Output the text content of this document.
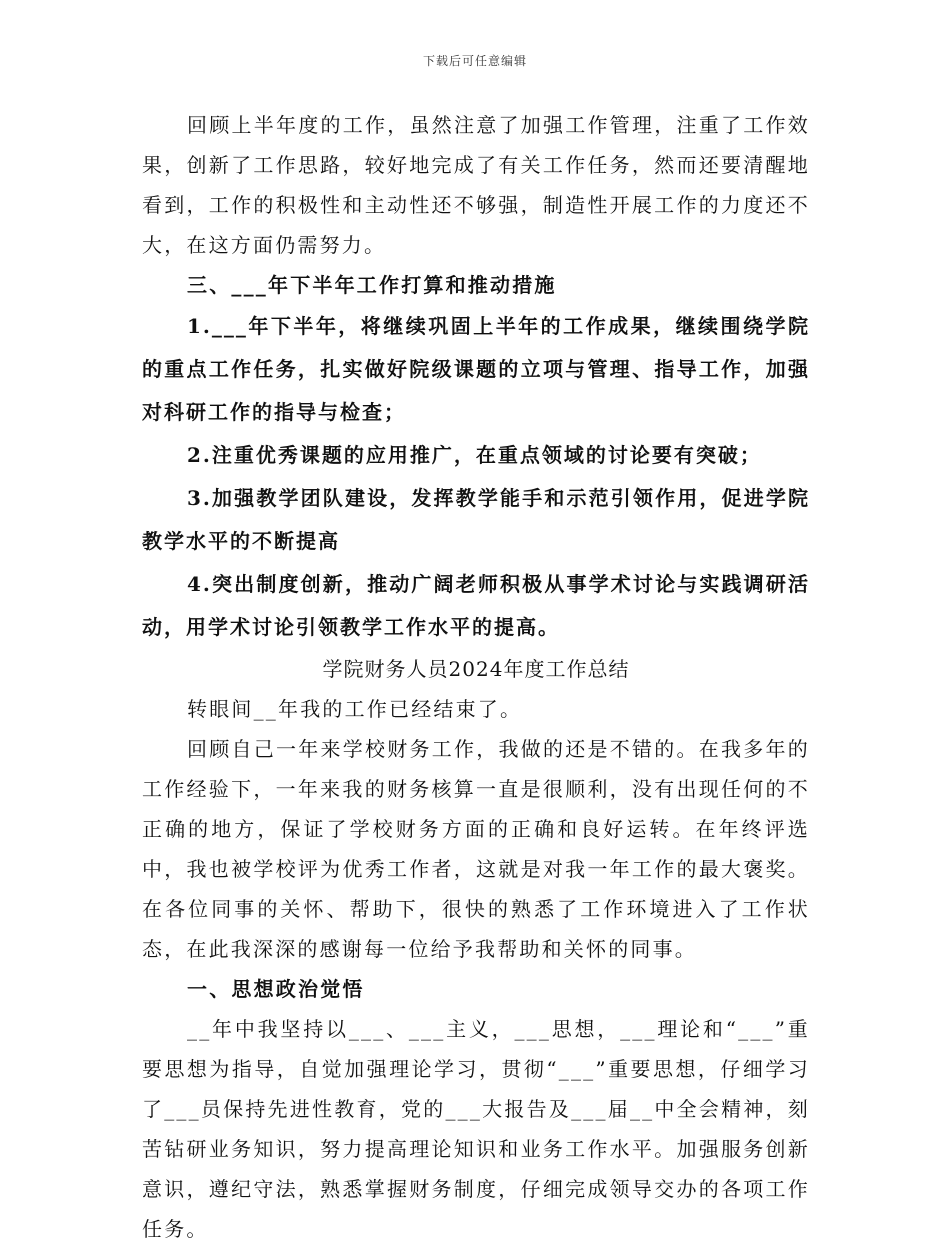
下载后可任意编辑

回顾上半年度的工作，虽然注意了加强工作管理，注重了工作效果，创新了工作思路，较好地完成了有关工作任务，然而还要清醒地看到，工作的积极性和主动性还不够强，制造性开展工作的力度还不大，在这方面仍需努力。

三、___年下半年工作打算和推动措施

1.___年下半年，将继续巩固上半年的工作成果，继续围绕学院的重点工作任务，扎实做好院级课题的立项与管理、指导工作，加强对科研工作的指导与检查；

2.注重优秀课题的应用推广，在重点领域的讨论要有突破；

3.加强教学团队建设，发挥教学能手和示范引领作用，促进学院教学水平的不断提高

4.突出制度创新，推动广阔老师积极从事学术讨论与实践调研活动，用学术讨论引领教学工作水平的提高。

学院财务人员2024年度工作总结

转眼间__年我的工作已经结束了。

回顾自己一年来学校财务工作，我做的还是不错的。在我多年的工作经验下，一年来我的财务核算一直是很顺利，没有出现任何的不正确的地方，保证了学校财务方面的正确和良好运转。在年终评选中，我也被学校评为优秀工作者，这就是对我一年工作的最大褒奖。在各位同事的关怀、帮助下，很快的熟悉了工作环境进入了工作状态，在此我深深的感谢每一位给予我帮助和关怀的同事。

一、思想政治觉悟

__年中我坚持以___、___主义，___思想，___理论和“___”重要思想为指导，自觉加强理论学习，贯彻“___”重要思想，仔细学习了___员保持先进性教育，党的___大报告及___届__中全会精神，刻苦钻研业务知识，努力提高理论知识和业务工作水平。加强服务创新意识，遵纪守法，熟悉掌握财务制度，仔细完成领导交办的各项工作任务。
